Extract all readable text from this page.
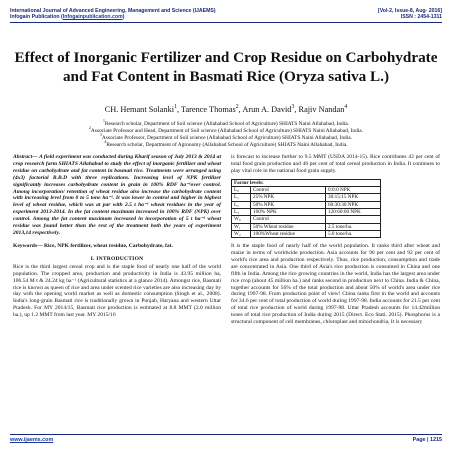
International Journal of Advanced Engineering, Management and Science (IJAEMS)	[Vol-2, Issue-8, Aug- 2016]
Infogain Publication (Infogainpublication.com)	ISSN : 2454-1311
Effect of Inorganic Fertilizer and Crop Residue on Carbohydrate and Fat Content in Basmati Rice (Oryza sativa L.)
CH. Hemant Solanki$^1$, Tarence Thomas$^2$, Arun A. David$^3$, Rajiv Nandan$^4$
$^1$Research scholar, Department of Soil science (Allahabad School of Agriculture) SHIATS Naini Allahabad, India.
$^2$Associate Professor and Head, Department of Soil science (Allahabad School of Agriculture) SHIATS Naini Allahabad, India.
$^3$Associate Professor, Department of Soil science (Allahabad School of Agriculture) SHIATS Naini Allahabad, India.
$^4$Research scholar, Department of Agronomy (Allahabad School of Agriculture) SHIATS Naini Allahabad, India.

Abstract— A field experiment was conducted during Kharif season of July 2013 & 2014 at crop research farm SHIATS Allahabad to study the effect of inorganic fertilizer and wheat residue on carbohydrate and fat content in basmati rice. Treatments were arranged using (4x3) factorial R.B.D with three replications. Increasing level of NPK fertilizer significantly increases carbohydrate content in grain in 100% RDF ha⁻¹over control. Among incorporation/ retention of wheat residue also increase the carbohydrate content with increasing level from 0 to 5 tone ha⁻¹. It was lower in control and higher in highest level of wheat residue, which was at par with 2.5 t ha⁻¹ wheat residues in the year of experiment 2013-2014. In the fat content maximum increased in 100% RDF (NPK) over control. Among the fat content maximum increased in incorporation of 5 t ha⁻¹ wheat residue was found better than the rest of the treatment both the years of experiment 2013,14 respectively.

Keywords— Rice, NPK fertilizer, wheat residue, Carbohydrate, fat.
I. INTRODUCTION

Rice is the third largest cereal crop and is the staple food of nearly one half of the world population. The cropped area, production and productivity in India is 43.95 million ha, 106.54 M t & 24.24 kg ha⁻¹ (Agricultural statistics at a glance 2014). Amongst rice, Basmati rice is known as queen of rice and area under scented rice varieties are also increasing day by day with the opening world market as well as domestic consumption (Singh et al., 2008). India's long-grain Basmati rice is traditionally grown in Punjab, Haryana and western Uttar Pradesh. For MY 2014/15, Basmati rice production is estimated at 8.8 MMT (2.0 million ha.), up 1.2 MMT from last year. MY 2015/16

is forecast to increase further to 9.5 MMT (USDA 2014-15). Rice contributes 43 per cent of total food grain production and 46 per cent of total cereal production in India. It continues to play vital role in the national food grain supply.

Factor levels:		
L₀	Control	0:0:0 NPK
L₁	25% NPK	30:15:15 NPK
L₂	50% NPK	60:30:30 NPK
L₃	100% NPK	120:60:60 NPK
W₀	Control	
W₁	50% Wheat residue	2.5 tone/ha.
W₂	100%Wheat residue	5.0 tone/ha.

It is the staple food of nearly half of the world population. It ranks third after wheat and maize in terms of worldwide production. Asia accounts for 90 per cent and 92 per cent of world's rice area and production respectively. Thus, rice production, consumption and trade are concentrated in Asia. One third of Asia's rice production is consumed in China and one fifth in India. Among the rice growing countries in the world, India has the largest area under rice crop (about 45 million ha.) and ranks second in production next to China. India & China, together accounts for 56% of the total production and about 50% of world's area under rice during 1997-98. From production point of view! China ranks first in the world and accounts for 34.6 per cent of total production of world during 1997-98. India accounts for 21.5 per cent of total rice production of world during 1997-98. Uttar Pradesh accounts for 14.42million tones of total rice production of India during 2015 (Direct. Eco Stati. 2015). Phosphorus is a structural component of cell membranes, chloroplast and mitochondria, It is necessary

www.ijaems.com	Page | 1215
